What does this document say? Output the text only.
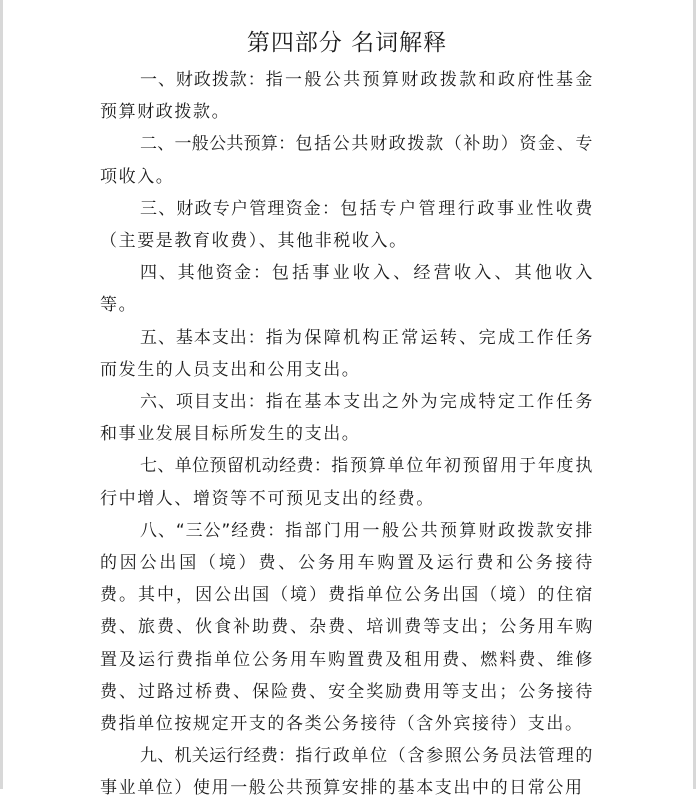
第四部分 名词解释

一、财政拨款：指一般公共预算财政拨款和政府性基金预算财政拨款。

二、一般公共预算：包括公共财政拨款（补助）资金、专项收入。

三、财政专户管理资金：包括专户管理行政事业性收费（主要是教育收费）、其他非税收入。

四、其他资金：包括事业收入、经营收入、其他收入等。

五、基本支出：指为保障机构正常运转、完成工作任务而发生的人员支出和公用支出。

六、项目支出：指在基本支出之外为完成特定工作任务和事业发展目标所发生的支出。

七、单位预留机动经费：指预算单位年初预留用于年度执行中增人、增资等不可预见支出的经费。

八、“三公”经费：指部门用一般公共预算财政拨款安排的因公出国（境）费、公务用车购置及运行费和公务接待费。其中，因公出国（境）费指单位公务出国（境）的住宿费、旅费、伙食补助费、杂费、培训费等支出；公务用车购置及运行费指单位公务用车购置费及租用费、燃料费、维修费、过路过桥费、保险费、安全奖励费用等支出；公务接待费指单位按规定开支的各类公务接待（含外宾接待）支出。

九、机关运行经费：指行政单位（含参照公务员法管理的事业单位）使用一般公共预算安排的基本支出中的日常公用
